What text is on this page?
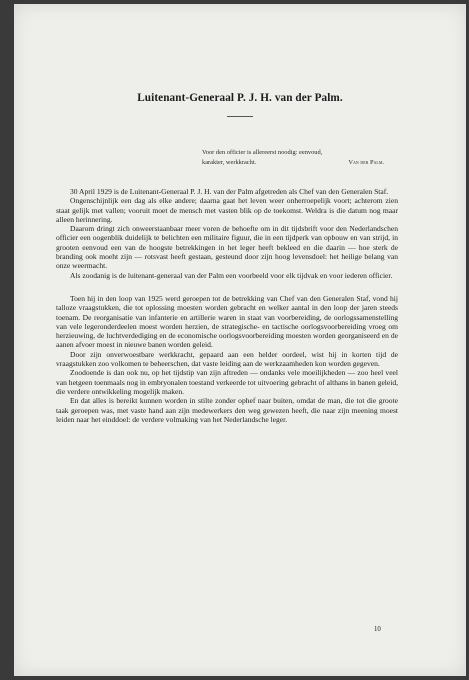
Luitenant-Generaal P. J. H. van der Palm.
Voor den officier is allereerst noodig: eenvoud,
karakter, werkkracht.	Van der Palm.

30 April 1929 is de Luitenant-Generaal P. J. H. van der Palm afgetreden als Chef van den Generalen Staf.

Ongenschijnlijk een dag als elke andere; daarna gaat het leven weer onherroepelijk voort; achterom zien staat gelijk met vallen; vooruit moet de mensch met vasten blik op de toekomst. Weldra is die datum nog maar alleen herinnering.

Daarom dringt zich onweerstaanbaar meer voren de behoefte om in dit tijdsbrift voor den Nederlandschen officier een oogenblik duidelijk te belichten een militaire figuur, die in een tijdperk van opbouw en van strijd, in grooten eenvoud een van de hoogste betrekkingen in het leger heeft bekleed en die daarin — hoe sterk de branding ook moeht zijn — rotsvast heeft gestaan, gesteund door zijn hoog levensdoel: het heilige belang van onze weermacht.

Als zoodanig is de luitenant-generaal van der Palm een voorbeeld voor elk tijdvak en voor iederen officier.

Toen hij in den loop van 1925 werd geroepen tot de betrekking van Chef van den Generalen Staf, vond hij talloze vraagstukken, die tot oplossing moesten worden gebracht en welker aantal in den loop der jaren steeds toenam. De reorganisatie van infanterie en artillerie waren in staat van voorbereiding, de oorlogssamenstelling van vele legeronderdeelen moest worden herzien, de strategische- en tactische oorlogsvoorbereiding vroeg om herzieuwing, de luchtverdediging en de economische oorlogsvoorbereiding moesten worden georganiseerd en de aanen afvoer moest in nieuwe banen worden geleid.

Door zijn onverwoestbare werkkracht, gepaard aan een helder oordeel, wist hij in korten tijd de vraagstukken zoo volkomen te beheerschen, dat vaste leiding aan de werkzaamheden kon worden gegeven.

Zoodoende is dan ook nu, op het tijdstip van zijn aftreden — ondanks vele moeilijkheden — zoo heel veel van hetgeen toenmaals nog in embryonalen toestand verkeerde tot uitvoering gebracht of althans in banen geleid, die verdere ontwikkeling mogelijk maken.

En dat alles is bereikt kunnen worden in stilte zonder ophef naar buiten, omdat de man, die tot die groote taak geroepen was, met vaste hand aan zijn medewerkers den weg gewezen heeft, die naar zijn meening moest leiden naar het einddoel: de verdere volmaking van het Nederlandsche leger.

10
